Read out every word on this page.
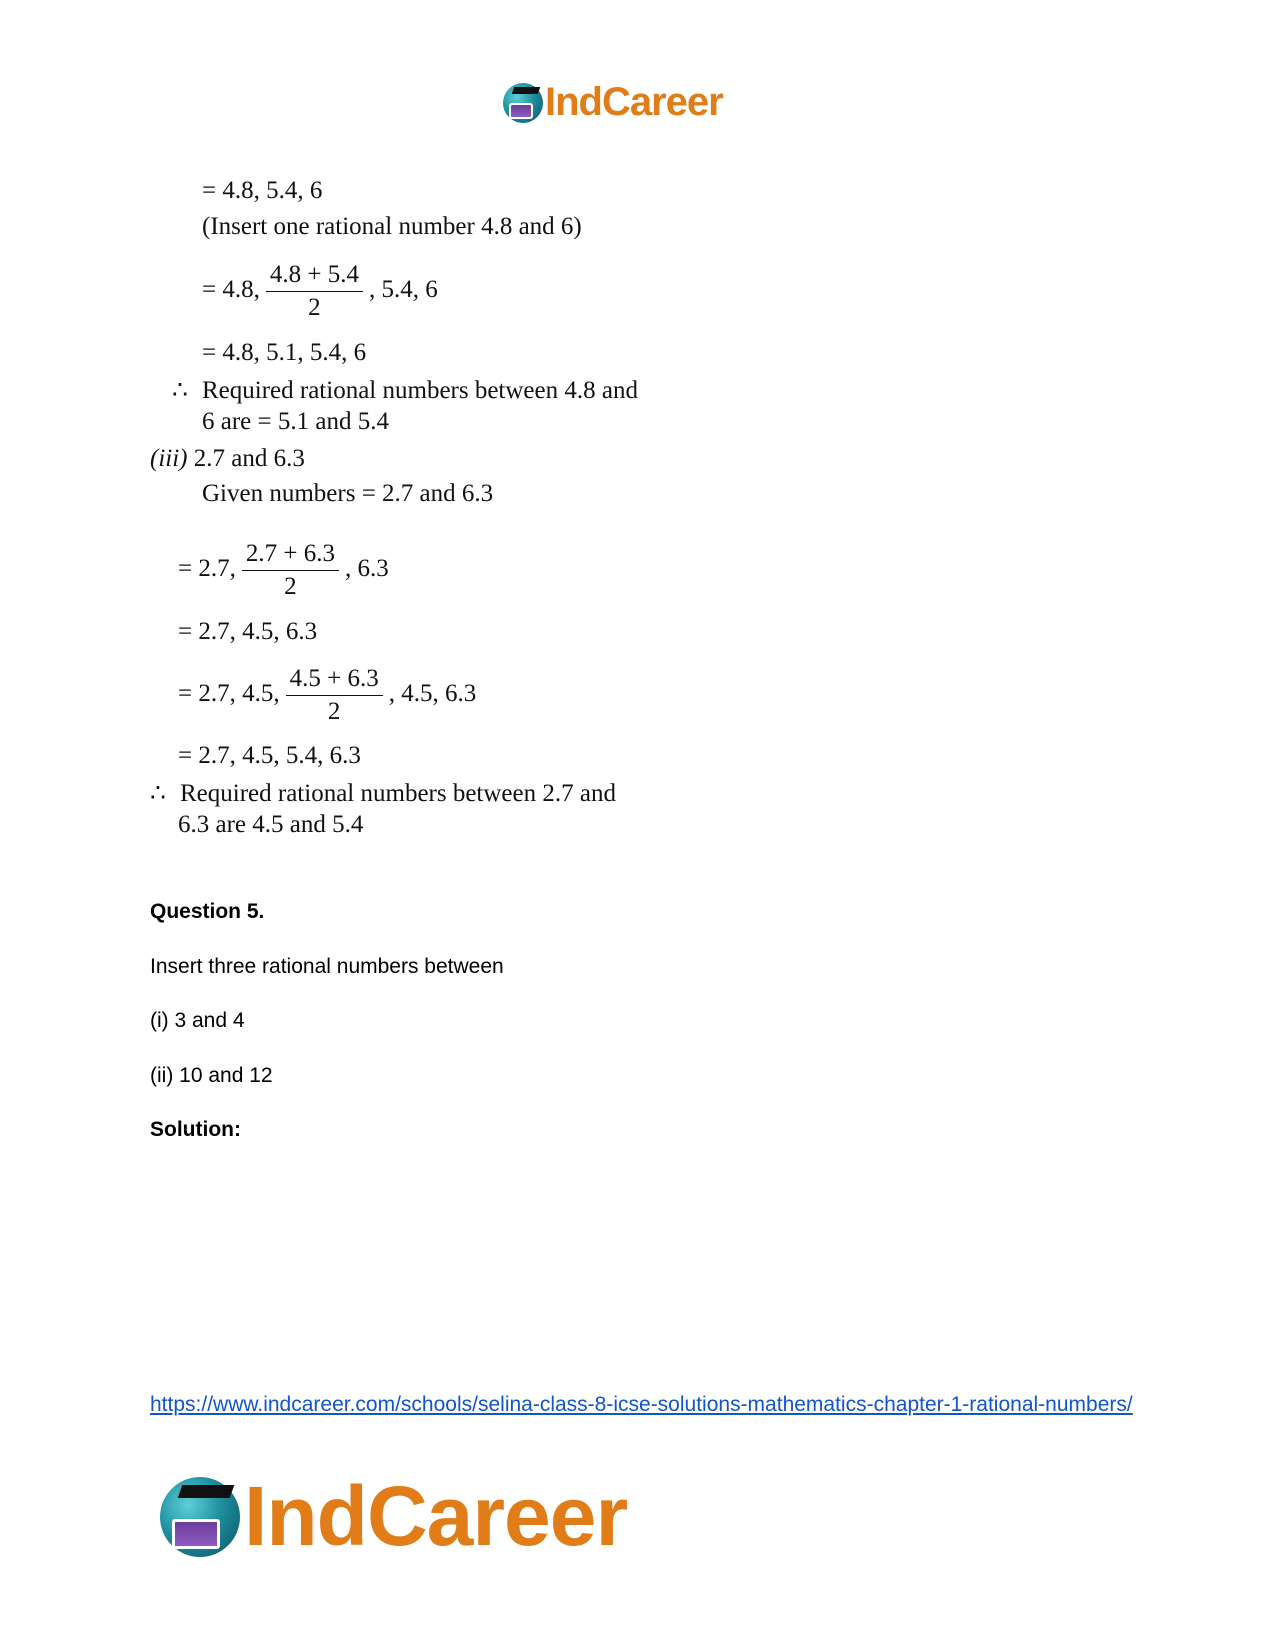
IndCareer
= 4.8, 5.4, 6
(Insert one rational number 4.8 and 6)
= 4.8, $\frac{4.8 + 5.4}{2}$ , 5.4, 6
= 4.8, 5.1, 5.4, 6
∴ Required rational numbers between 4.8 and
6 are = 5.1 and 5.4
(iii) 2.7 and 6.3
Given numbers = 2.7 and 6.3
= 2.7, $\frac{2.7 + 6.3}{2}$ , 6.3
= 2.7, 4.5, 6.3
= 2.7, 4.5, $\frac{4.5 + 6.3}{2}$ , 4.5, 6.3
= 2.7, 4.5, 5.4, 6.3
∴ Required rational numbers between 2.7 and
6.3 are 4.5 and 5.4
Question 5.
Insert three rational numbers between
(i) 3 and 4
(ii) 10 and 12
Solution:
https://www.indcareer.com/schools/selina-class-8-icse-solutions-mathematics-chapter-1-rational-numbers/
IndCareer
